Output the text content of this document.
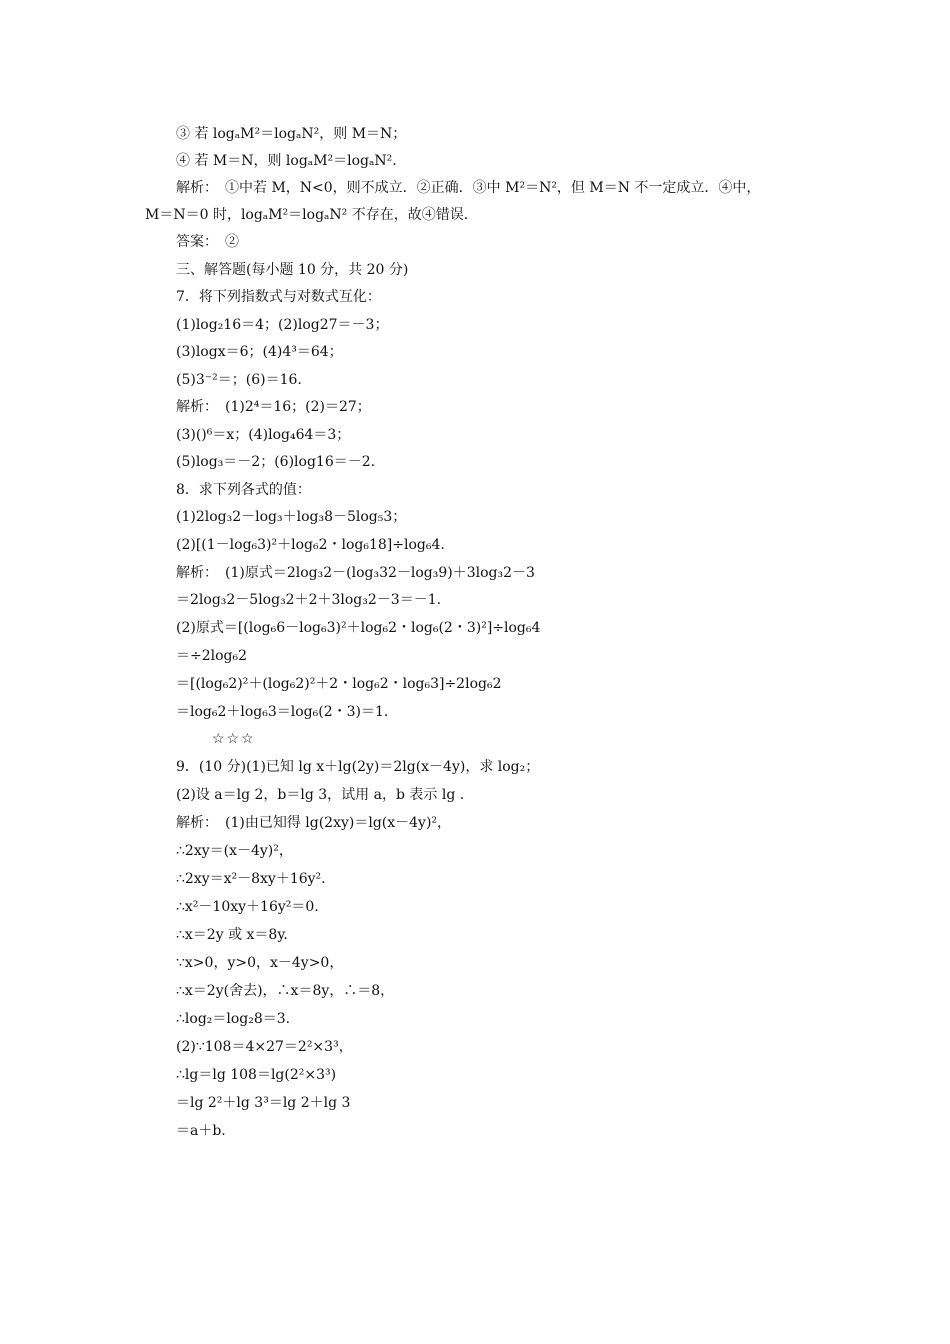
③ 若 logₐM²＝logₐN²，则 M＝N；
④ 若 M＝N，则 logₐM²＝logₐN².
解析：　①中若 M，N<0，则不成立．②正确．③中 M²＝N²，但 M＝N 不一定成立．④中，
M＝N＝0 时，logₐM²＝logₐN² 不存在，故④错误.
答案：　②
三、解答题(每小题 10 分，共 20 分)
7．将下列指数式与对数式互化：
(1)log₂16＝4；(2)log27＝－3；
(3)logx＝6；(4)4³＝64；
(5)3⁻²＝；(6)＝16.
解析：　(1)2⁴＝16；(2)＝27；
(3)()⁶＝x；(4)log₄64＝3；
(5)log₃＝－2；(6)log16＝－2.
8．求下列各式的值：
(1)2log₃2－log₃＋log₃8－5log₅3；
(2)[(1－log₆3)²＋log₆2・log₆18]÷log₆4.
解析：　(1)原式＝2log₃2－(log₃32－log₃9)＋3log₃2－3
＝2log₃2－5log₃2＋2＋3log₃2－3＝－1.
(2)原式＝[(log₆6－log₆3)²＋log₆2・log₆(2・3)²]÷log₆4
＝÷2log₆2
＝[(log₆2)²＋(log₆2)²＋2・log₆2・log₆3]÷2log₆2
＝log₆2＋log₆3＝log₆(2・3)＝1.
☆☆☆
9．(10 分)(1)已知 lg x＋lg(2y)＝2lg(x－4y)，求 log₂；
(2)设 a＝lg 2，b＝lg 3，试用 a，b 表示 lg .
解析：　(1)由已知得 lg(2xy)＝lg(x－4y)²，
∴2xy＝(x－4y)²，
∴2xy＝x²－8xy＋16y².
∴x²－10xy＋16y²＝0.
∴x＝2y 或 x＝8y.
∵x>0，y>0，x－4y>0，
∴x＝2y(舍去)，∴x＝8y，∴＝8，
∴log₂＝log₂8＝3.
(2)∵108＝4×27＝2²×3³，
∴lg＝lg 108＝lg(2²×3³)
＝lg 2²＋lg 3³＝lg 2＋lg 3
＝a＋b.
